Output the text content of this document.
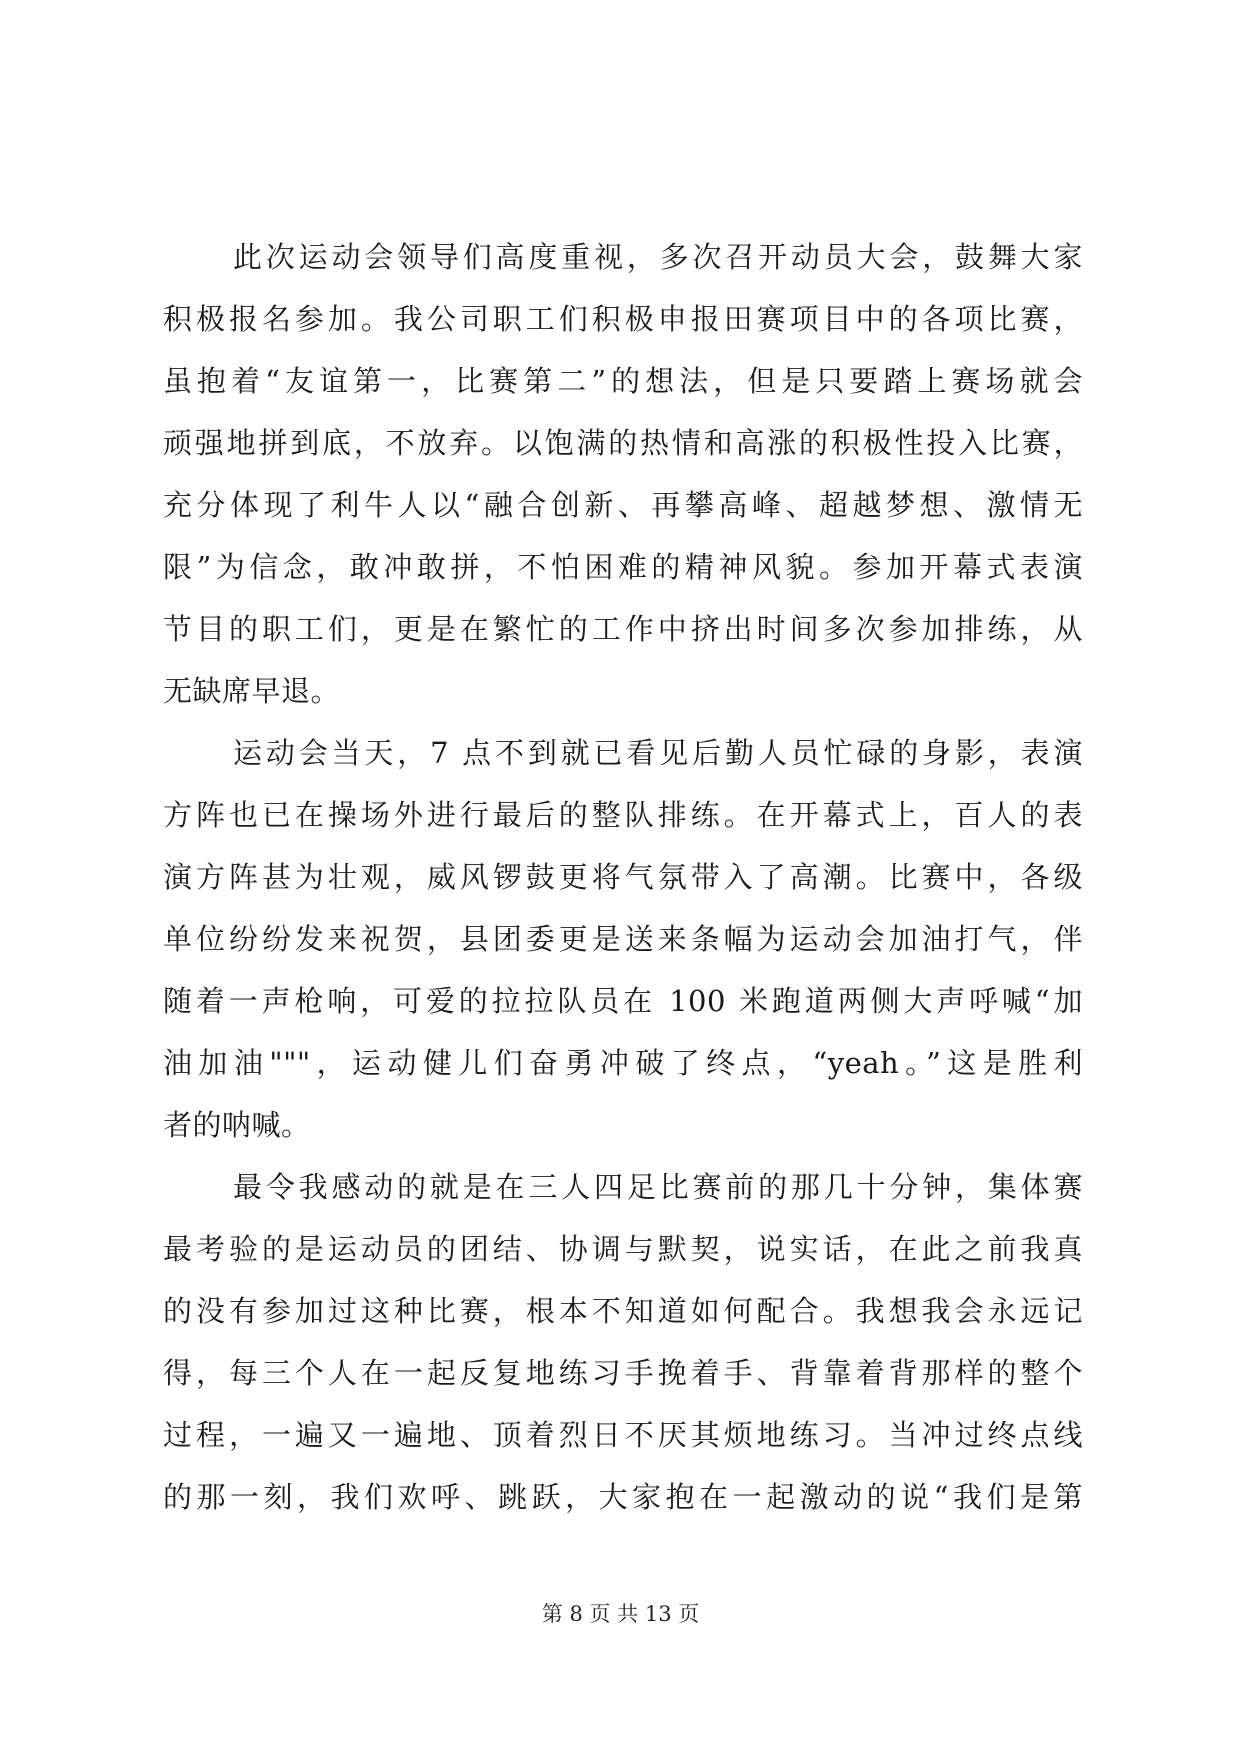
此次运动会领导们高度重视，多次召开动员大会，鼓舞大家
积极报名参加。我公司职工们积极申报田赛项目中的各项比赛，
虽抱着“友谊第一，比赛第二”的想法，但是只要踏上赛场就会
顽强地拼到底，不放弃。以饱满的热情和高涨的积极性投入比赛，
充分体现了利牛人以“融合创新、再攀高峰、超越梦想、激情无
限”为信念，敢冲敢拼，不怕困难的精神风貌。参加开幕式表演
节目的职工们，更是在繁忙的工作中挤出时间多次参加排练，从
无缺席早退。
运动会当天，7 点不到就已看见后勤人员忙碌的身影，表演
方阵也已在操场外进行最后的整队排练。在开幕式上，百人的表
演方阵甚为壮观，威风锣鼓更将气氛带入了高潮。比赛中，各级
单位纷纷发来祝贺，县团委更是送来条幅为运动会加油打气，伴
随着一声枪响，可爱的拉拉队员在 100 米跑道两侧大声呼喊“加
油加油"""，运动健儿们奋勇冲破了终点，“yeah。”这是胜利
者的呐喊。
最令我感动的就是在三人四足比赛前的那几十分钟，集体赛
最考验的是运动员的团结、协调与默契，说实话，在此之前我真
的没有参加过这种比赛，根本不知道如何配合。我想我会永远记
得，每三个人在一起反复地练习手挽着手、背靠着背那样的整个
过程，一遍又一遍地、顶着烈日不厌其烦地练习。当冲过终点线
的那一刻，我们欢呼、跳跃，大家抱在一起激动的说“我们是第
第 8 页 共 13 页
